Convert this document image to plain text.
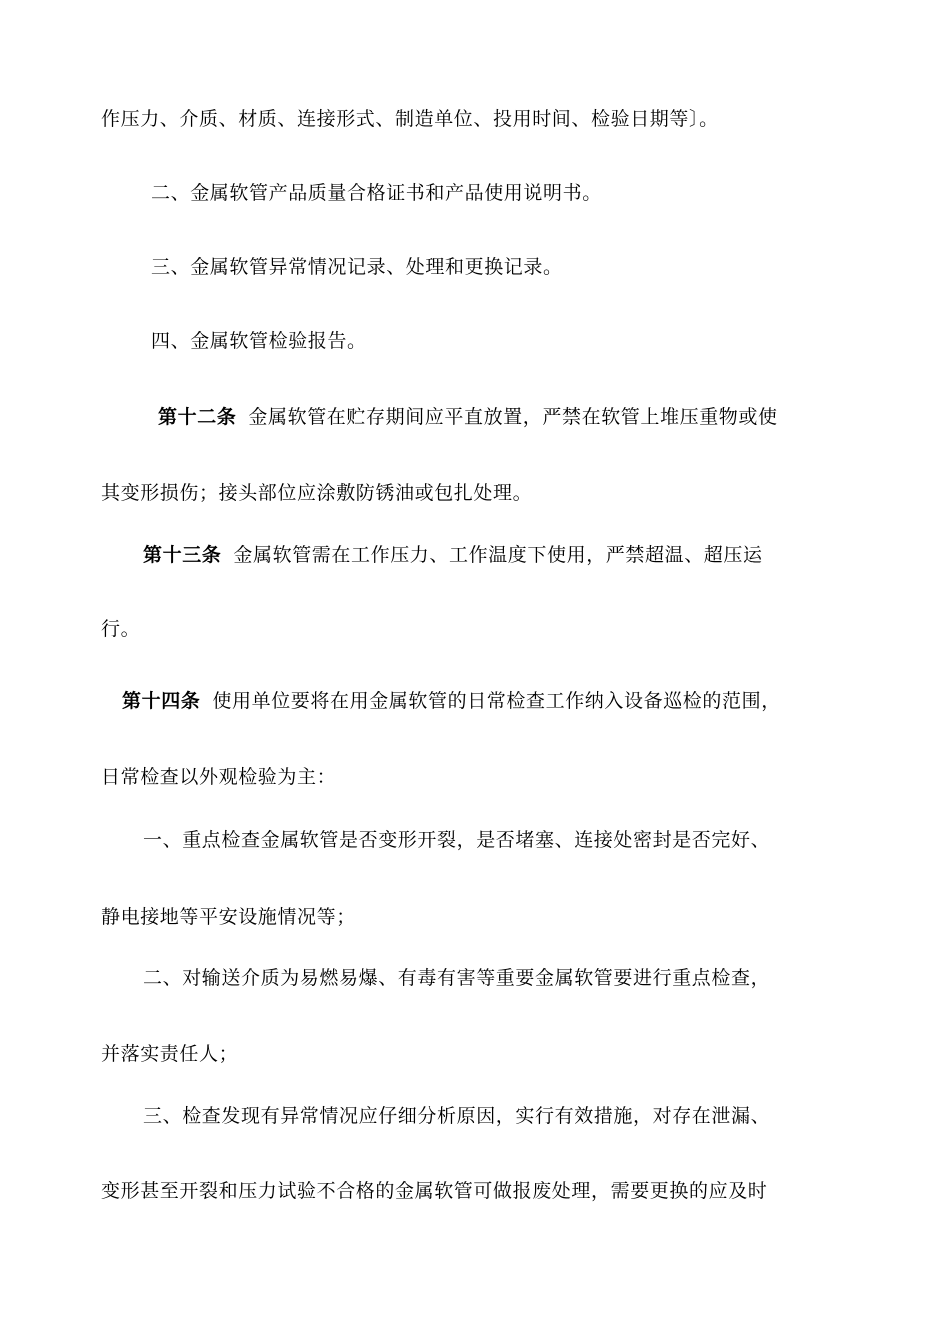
作压力、介质、材质、连接形式、制造单位、投用时间、检验日期等〕。
二、金属软管产品质量合格证书和产品使用说明书。
三、金属软管异常情况记录、处理和更换记录。
四、金属软管检验报告。
第十二条 金属软管在贮存期间应平直放置，严禁在软管上堆压重物或使
其变形损伤；接头部位应涂敷防锈油或包扎处理。
第十三条 金属软管需在工作压力、工作温度下使用，严禁超温、超压运
行。
第十四条 使用单位要将在用金属软管的日常检查工作纳入设备巡检的范围，
日常检查以外观检验为主：
一、重点检查金属软管是否变形开裂，是否堵塞、连接处密封是否完好、
静电接地等平安设施情况等；
二、对输送介质为易燃易爆、有毒有害等重要金属软管要进行重点检查，
并落实责任人；
三、检查发现有异常情况应仔细分析原因，实行有效措施，对存在泄漏、
变形甚至开裂和压力试验不合格的金属软管可做报废处理，需要更换的应及时
